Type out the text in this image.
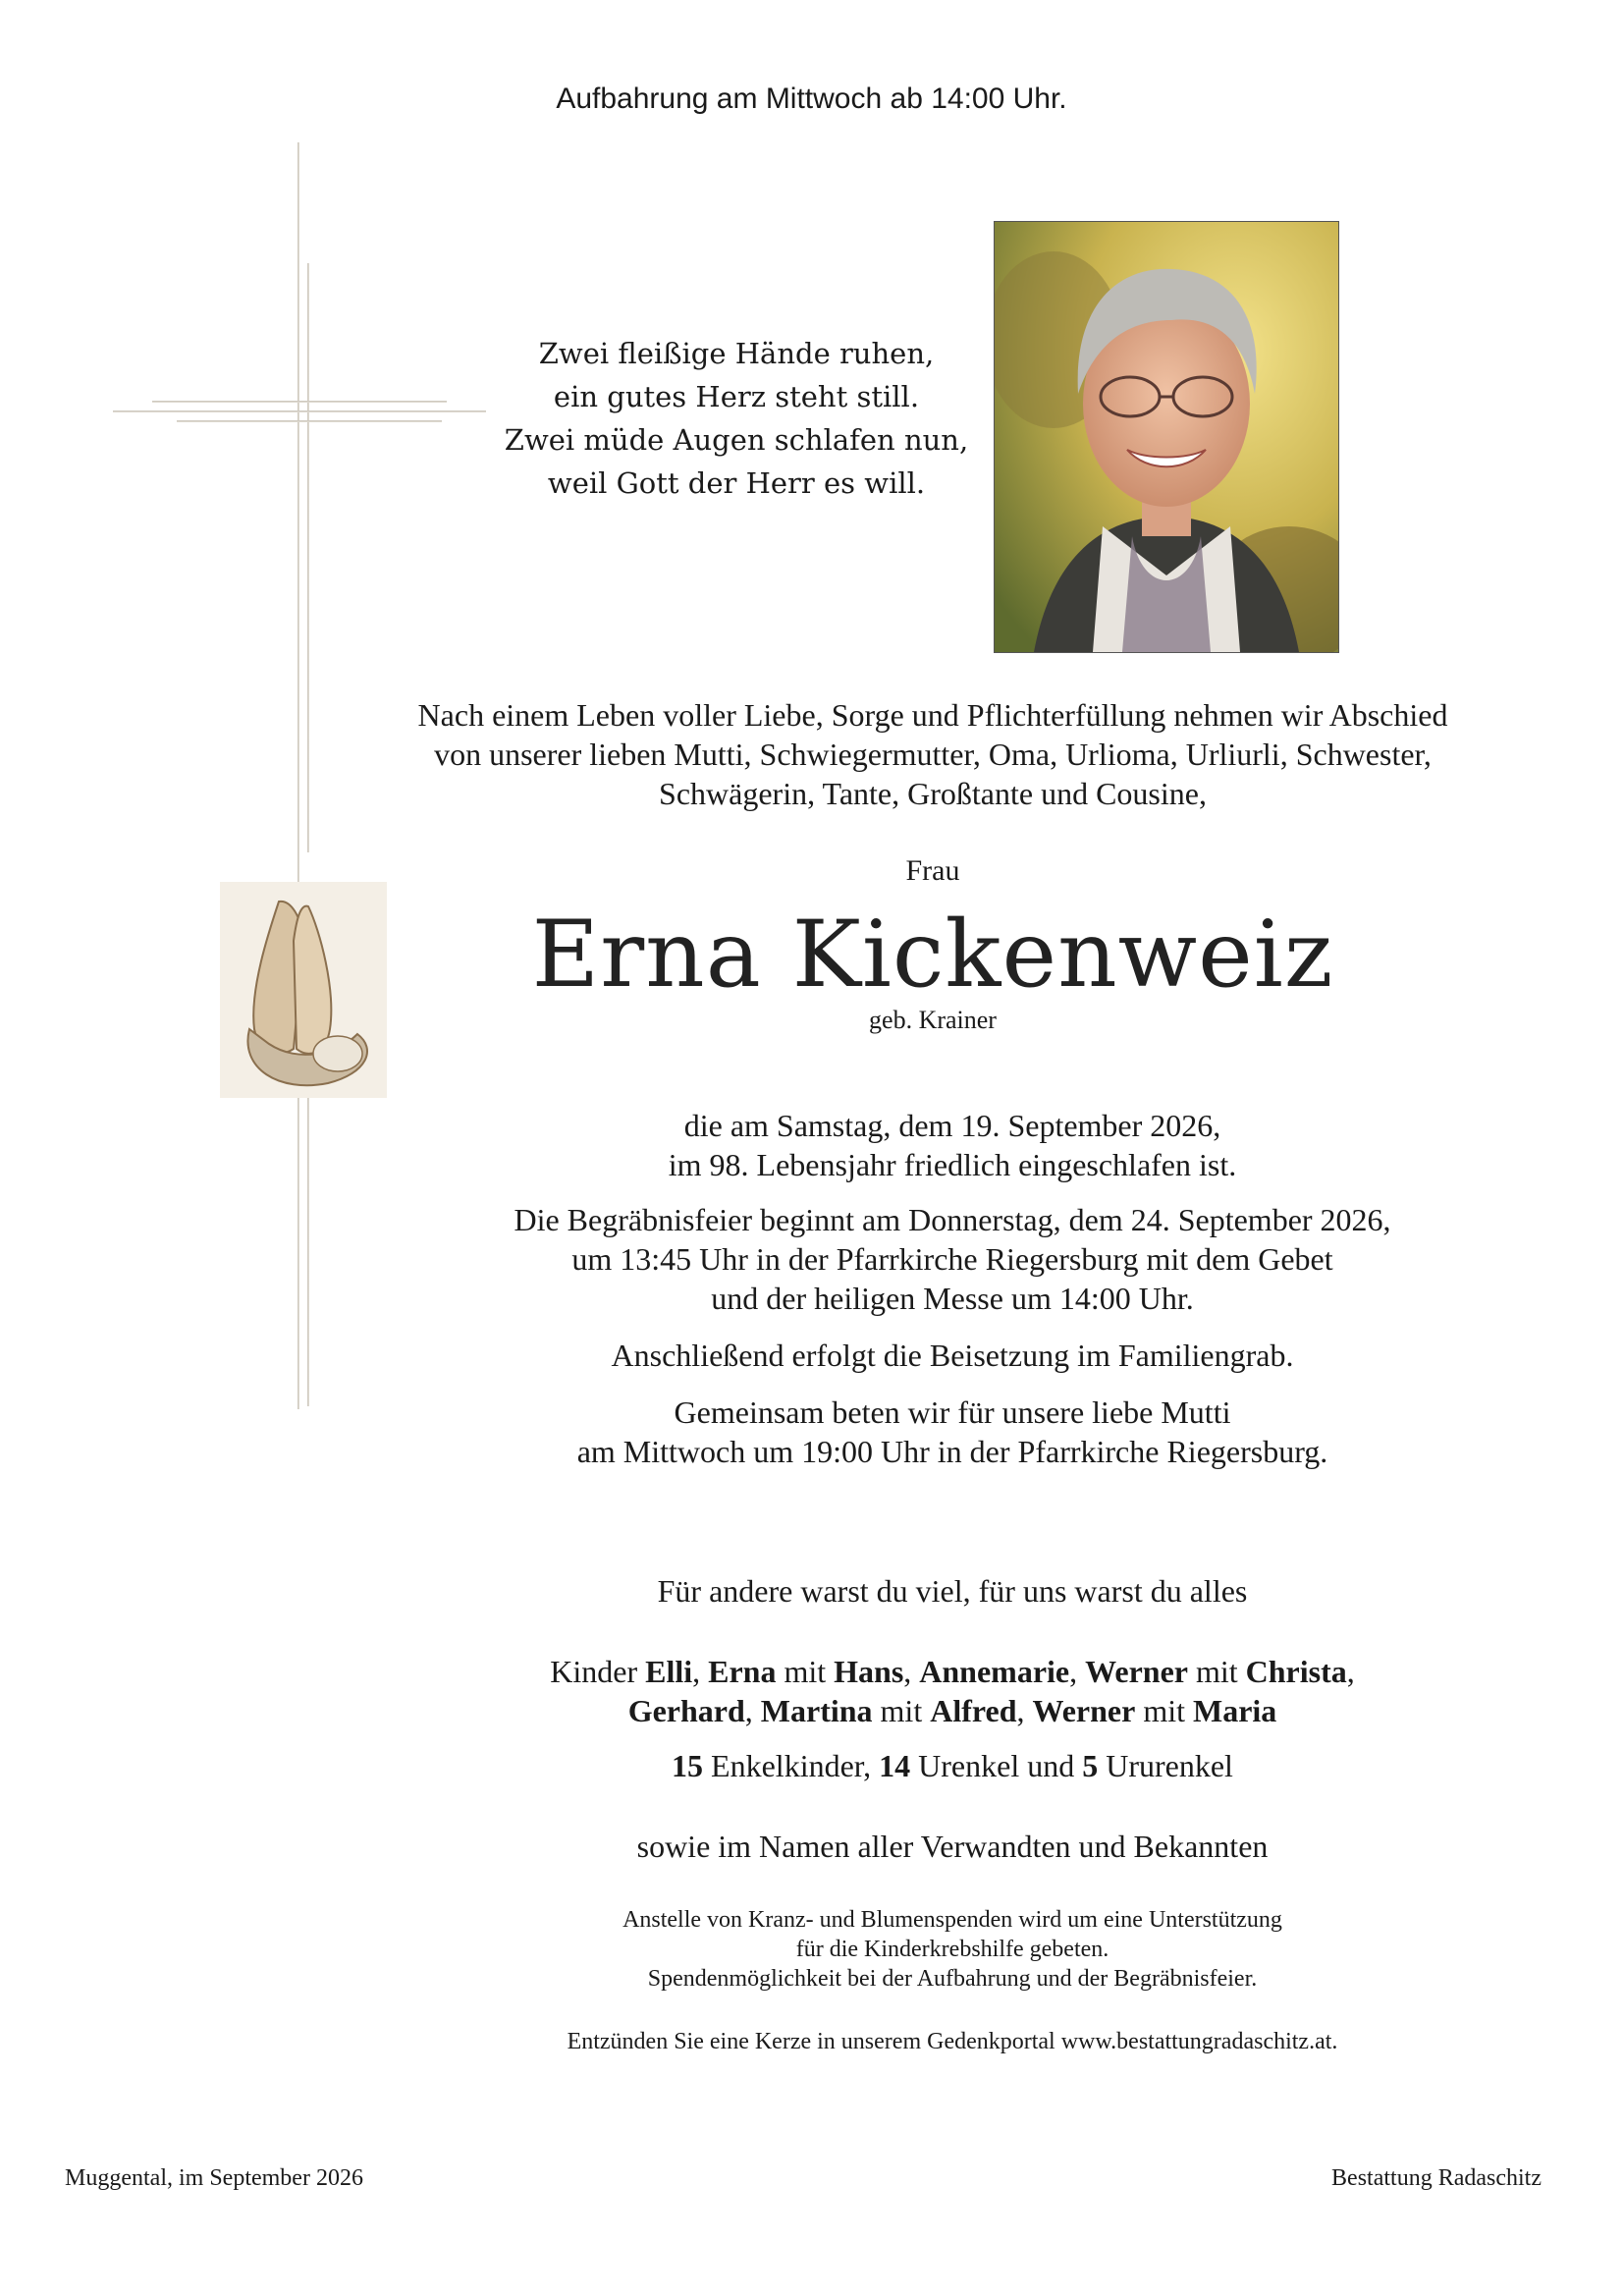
Aufbahrung am Mittwoch ab 14:00 Uhr.
Zwei fleißige Hände ruhen,
ein gutes Herz steht still.
Zwei müde Augen schlafen nun,
weil Gott der Herr es will.
Nach einem Leben voller Liebe, Sorge und Pflichterfüllung nehmen wir Abschied
von unserer lieben Mutti, Schwiegermutter, Oma, Urlioma, Urliurli, Schwester,
Schwägerin, Tante, Großtante und Cousine,
Frau
Erna Kickenweiz
geb. Krainer
die am Samstag, dem 19. September 2026,
im 98. Lebensjahr friedlich eingeschlafen ist.
Die Begräbnisfeier beginnt am Donnerstag, dem 24. September 2026,
um 13:45 Uhr in der Pfarrkirche Riegersburg mit dem Gebet
und der heiligen Messe um 14:00 Uhr.
Anschließend erfolgt die Beisetzung im Familiengrab.
Gemeinsam beten wir für unsere liebe Mutti
am Mittwoch um 19:00 Uhr in der Pfarrkirche Riegersburg.
Für andere warst du viel, für uns warst du alles
Kinder Elli, Erna mit Hans, Annemarie, Werner mit Christa,
Gerhard, Martina mit Alfred, Werner mit Maria
15 Enkelkinder, 14 Urenkel und 5 Ururenkel
sowie im Namen aller Verwandten und Bekannten
Anstelle von Kranz- und Blumenspenden wird um eine Unterstützung
für die Kinderkrebshilfe gebeten.
Spendenmöglichkeit bei der Aufbahrung und der Begräbnisfeier.
Entzünden Sie eine Kerze in unserem Gedenkportal www.bestattungradaschitz.at.
Muggental, im September 2026	Bestattung Radaschitz
